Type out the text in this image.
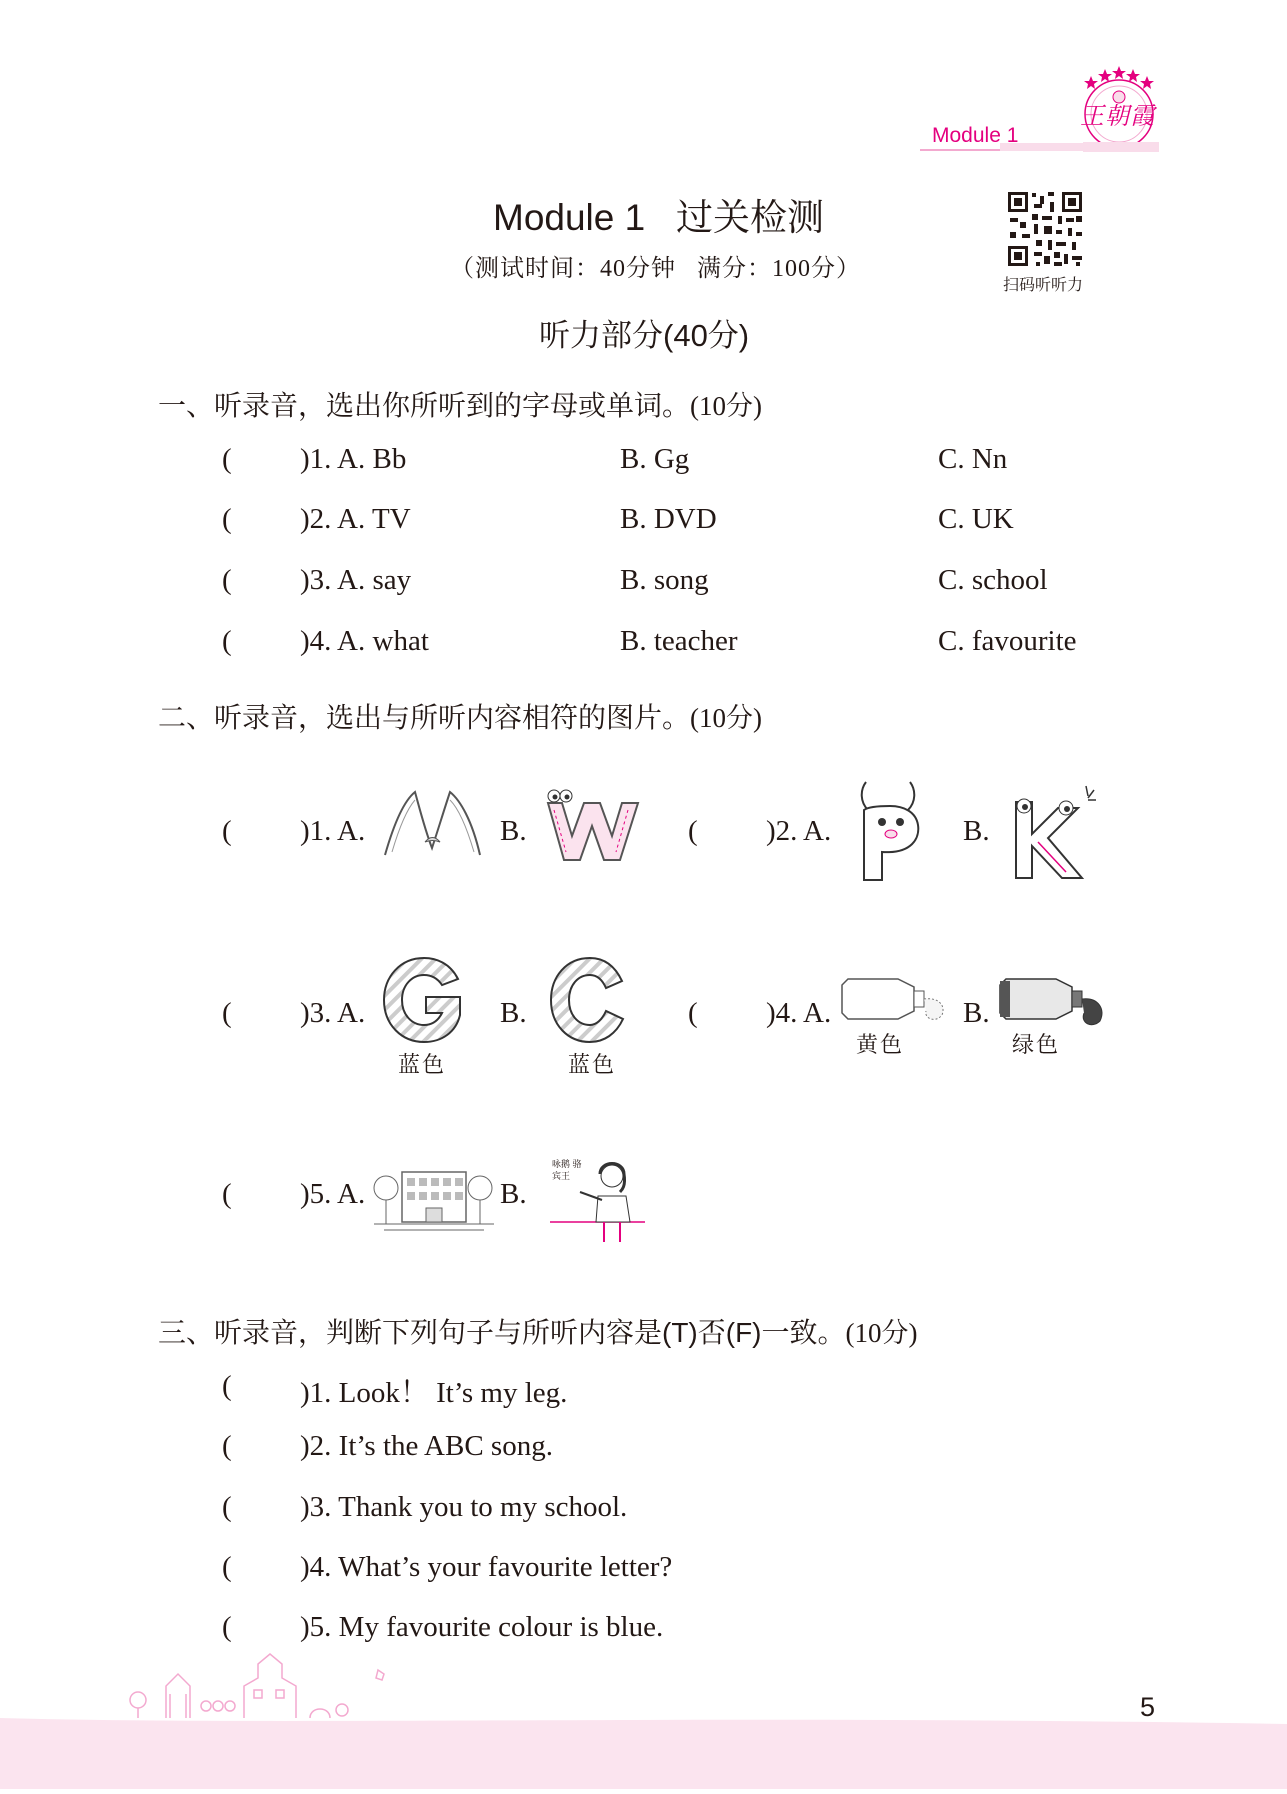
Module 1
王朝霞
Module 1   过关检测
（测试时间：40分钟   满分：100分）
扫码听听力
听力部分(40分)
一、听录音，选出你所听到的字母或单词。(10分)
( )1. A. Bb	B. Gg	C. Nn
( )2. A. TV	B. DVD	C. UK
( )3. A. say	B. song	C. school
( )4. A. what	B. teacher	C. favourite
二、听录音，选出与所听内容相符的图片。(10分)
( )1. A.	B.	( )2. A.	B.
( )3. A.
蓝色
B.
蓝色
( )4. A.
黄色
B.
绿色
( )5. A.	B.
咏鹅 骆宾王
三、听录音，判断下列句子与所听内容是(T)否(F)一致。(10分)
( )1. Look！ It’s my leg.
( )2. It’s the ABC song.
( )3. Thank you to my school.
( )4. What’s your favourite letter?
( )5. My favourite colour is blue.
5
